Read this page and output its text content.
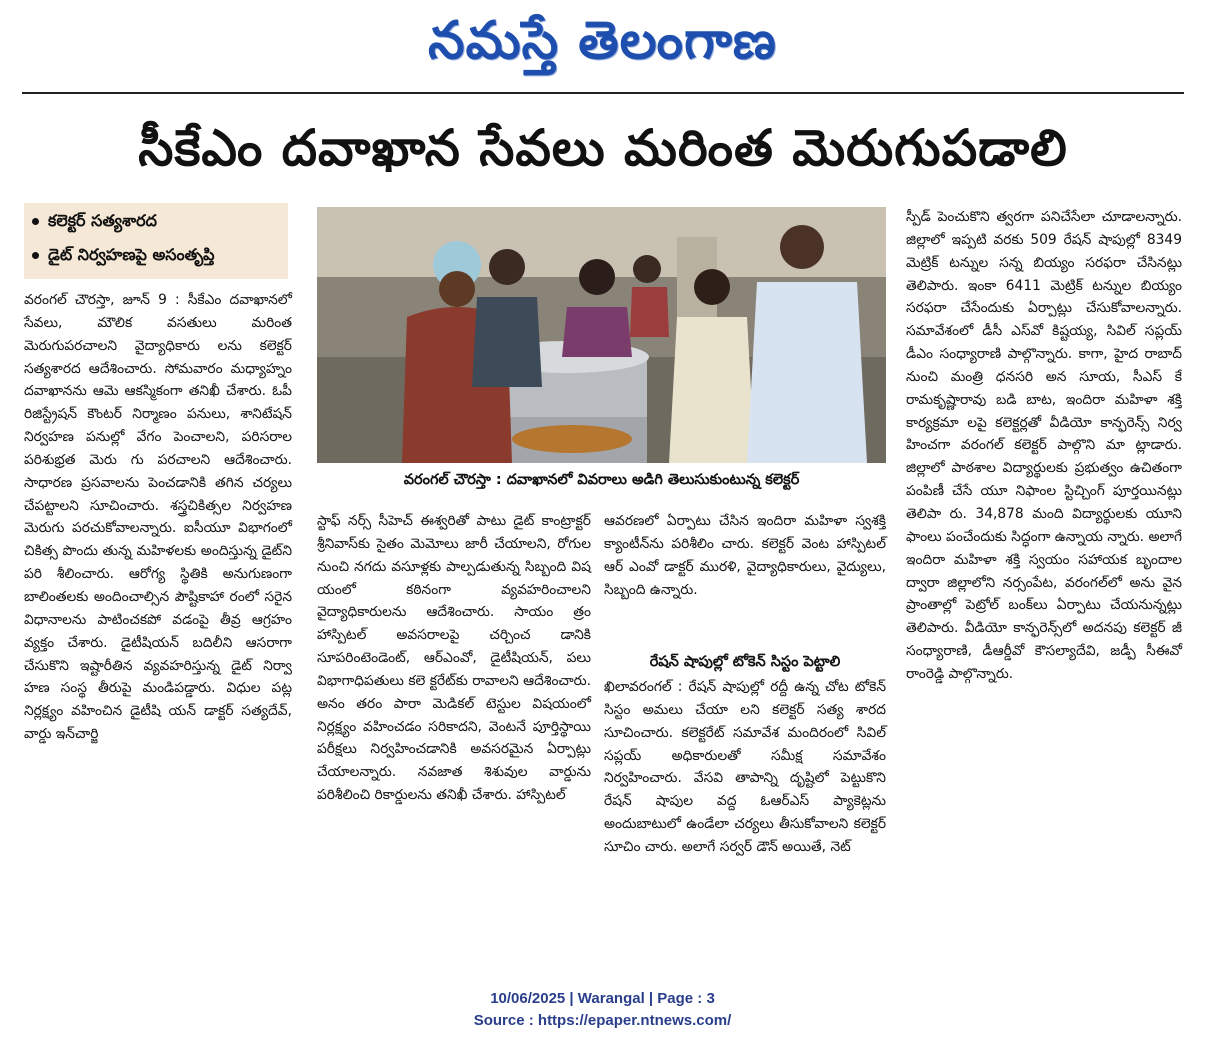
నమస్తే తెలంగాణ
సీకేఎం దవాఖాన సేవలు మరింత మెరుగుపడాలి
కలెక్టర్ సత్యశారద
డైట్ నిర్వహణపై అసంతృప్తి
వరంగల్ చౌరస్తా : దవాఖానలో వివరాలు అడిగి తెలుసుకుంటున్న కలెక్టర్

వరంగల్ చౌరస్తా, జూన్ 9 : సీకేఎం దవాఖానలో సేవలు, మౌలిక వసతులు మరింత మెరుగుపరచాలని వైద్యాధికారు లను కలెక్టర్ సత్యశారద ఆదేశించారు. సోమవారం మధ్యాహ్నం దవాఖానను ఆమె ఆకస్మికంగా తనిఖీ చేశారు. ఓపీ రిజిస్ట్రేషన్ కౌంటర్ నిర్మాణం పనులు, శానిటేషన్ నిర్వహణ పనుల్లో వేగం పెంచాలని, పరిసరాల పరిశుభ్రత మెరు గు పరచాలని ఆదేశించారు. సాధారణ ప్రసవాలను పెంచడానికి తగిన చర్యలు చేపట్టాలని సూచించారు. శస్త్రచికిత్సల నిర్వహణ మెరుగు పరచుకోవాలన్నారు. ఐసీయూ విభాగంలో చికిత్స పొందు తున్న మహిళలకు అందిస్తున్న డైట్‌ని పరి శీలించారు. ఆరోగ్య స్థితికి అనుగుణంగా బాలింతలకు అందించాల్సిన పౌష్టికాహా రంలో సరైన విధానాలను పాటించకపో వడంపై తీవ్ర ఆగ్రహం వ్యక్తం చేశారు. డైటీషియన్ బదిలీని ఆసరాగా చేసుకొని ఇష్టారీతిన వ్యవహరిస్తున్న డైట్ నిర్వా హణ సంస్థ తీరుపై మండిపడ్డారు. విధుల పట్ల నిర్లక్ష్యం వహించిన డైటీషి యన్ డాక్టర్ సత్యదేవ్, వార్డు ఇన్‌చార్జి

స్టాఫ్ నర్స్ సీహెచ్ ఈశ్వరితో పాటు డైట్ కాంట్రాక్టర్ శ్రీనివాస్‌కు సైతం మెమోలు జారీ చేయాలని, రోగుల నుంచి నగదు వసూళ్లకు పాల్పడుతున్న సిబ్బంది విష యంలో కఠినంగా వ్యవహరించాలని వైద్యాధికారులను ఆదేశించారు. సాయం త్రం హాస్పిటల్ అవసరాలపై చర్చించ డానికి సూపరింటెండెంట్, ఆర్ఎంవో, డైటీషియన్, పలు విభాగాధిపతులు కలె క్టరేట్‌కు రావాలని ఆదేశించారు. అనం తరం పారా మెడికల్ టెస్టుల విషయంలో నిర్లక్ష్యం వహించడం సరికాదని, వెంటనే పూర్తిస్థాయి పరీక్షలు నిర్వహించడానికి అవసరమైన ఏర్పాట్లు చేయాలన్నారు. నవజాత శిశువుల వార్డును పరిశీలించి రికార్డులను తనిఖీ చేశారు. హాస్పిటల్

ఆవరణలో ఏర్పాటు చేసిన ఇందిరా మహిళా స్వశక్తి క్యాంటీన్‌ను పరిశీలిం చారు. కలెక్టర్ వెంట హాస్పిటల్ ఆర్ ఎంవో డాక్టర్ మురళి, వైద్యాధికారులు, వైద్యులు, సిబ్బంది ఉన్నారు.

రేషన్ షాపుల్లో టోకెన్ సిస్టం పెట్టాలి

ఖిలావరంగల్ : రేషన్ షాపుల్లో రద్దీ ఉన్న చోట టోకెన్ సిస్టం అమలు చేయా లని కలెక్టర్ సత్య శారద సూచించారు. కలెక్టరేట్ సమావేశ మందిరంలో సివిల్ సప్లయ్ అధికారులతో సమీక్ష సమావేశం నిర్వహించారు. వేసవి తాపాన్ని దృష్టిలో పెట్టుకొని రేషన్ షాపుల వద్ద ఓఆర్ఎస్ ప్యాకెట్లను అందుబాటులో ఉండేలా చర్యలు తీసుకోవాలని కలెక్టర్ సూచిం చారు. అలాగే సర్వర్ డౌన్ అయితే, నెట్

స్పీడ్ పెంచుకొని త్వరగా పనిచేసేలా చూడాలన్నారు. జిల్లాలో ఇప్పటి వరకు 509 రేషన్ షాపుల్లో 8349 మెట్రిక్ టన్నుల సన్న బియ్యం సరఫరా చేసినట్లు తెలిపారు. ఇంకా 6411 మెట్రిక్ టన్నుల బియ్యం సరఫరా చేసేందుకు ఏర్పాట్లు చేసుకోవాలన్నారు. సమావేశంలో డీసీ ఎస్‌వో కిష్టయ్య, సివిల్ సప్లయ్ డీఎం సంధ్యారాణి పాల్గొన్నారు. కాగా, హైద రాబాద్ నుంచి మంత్రి ధనసరి అన సూయ, సీఎస్ కే రామకృష్ణారావు బడి బాట, ఇందిరా మహిళా శక్తి కార్యక్రమా లపై కలెక్టర్లతో వీడియో కాన్ఫరెన్స్ నిర్వ హించగా వరంగల్ కలెక్టర్ పాల్గొని మా ట్లాడారు. జిల్లాలో పాఠశాల విద్యార్థులకు ప్రభుత్వం ఉచితంగా పంపిణీ చేసే యూ నిఫాంల స్టిచ్చింగ్ పూర్తయినట్లు తెలిపా రు. 34,878 మంది విద్యార్థులకు యూని ఫాంలు పంచేందుకు సిద్ధంగా ఉన్నాయ న్నారు. అలాగే ఇందిరా మహిళా శక్తి స్వయం సహాయక బృందాల ద్వారా జిల్లాలోని నర్సంపేట, వరంగల్‌లో అను వైన ప్రాంతాల్లో పెట్రోల్ బంక్‌లు ఏర్పాటు చేయనున్నట్లు తెలిపారు. వీడియో కాన్ఫరెన్స్‌లో అదనపు కలెక్టర్ జీ సంధ్యారాణి, డీఆర్డీవో కౌసల్యాదేవి, జడ్పీ సీఈవో రాంరెడ్డి పాల్గొన్నారు.

10/06/2025 | Warangal | Page : 3
Source : https://epaper.ntnews.com/
